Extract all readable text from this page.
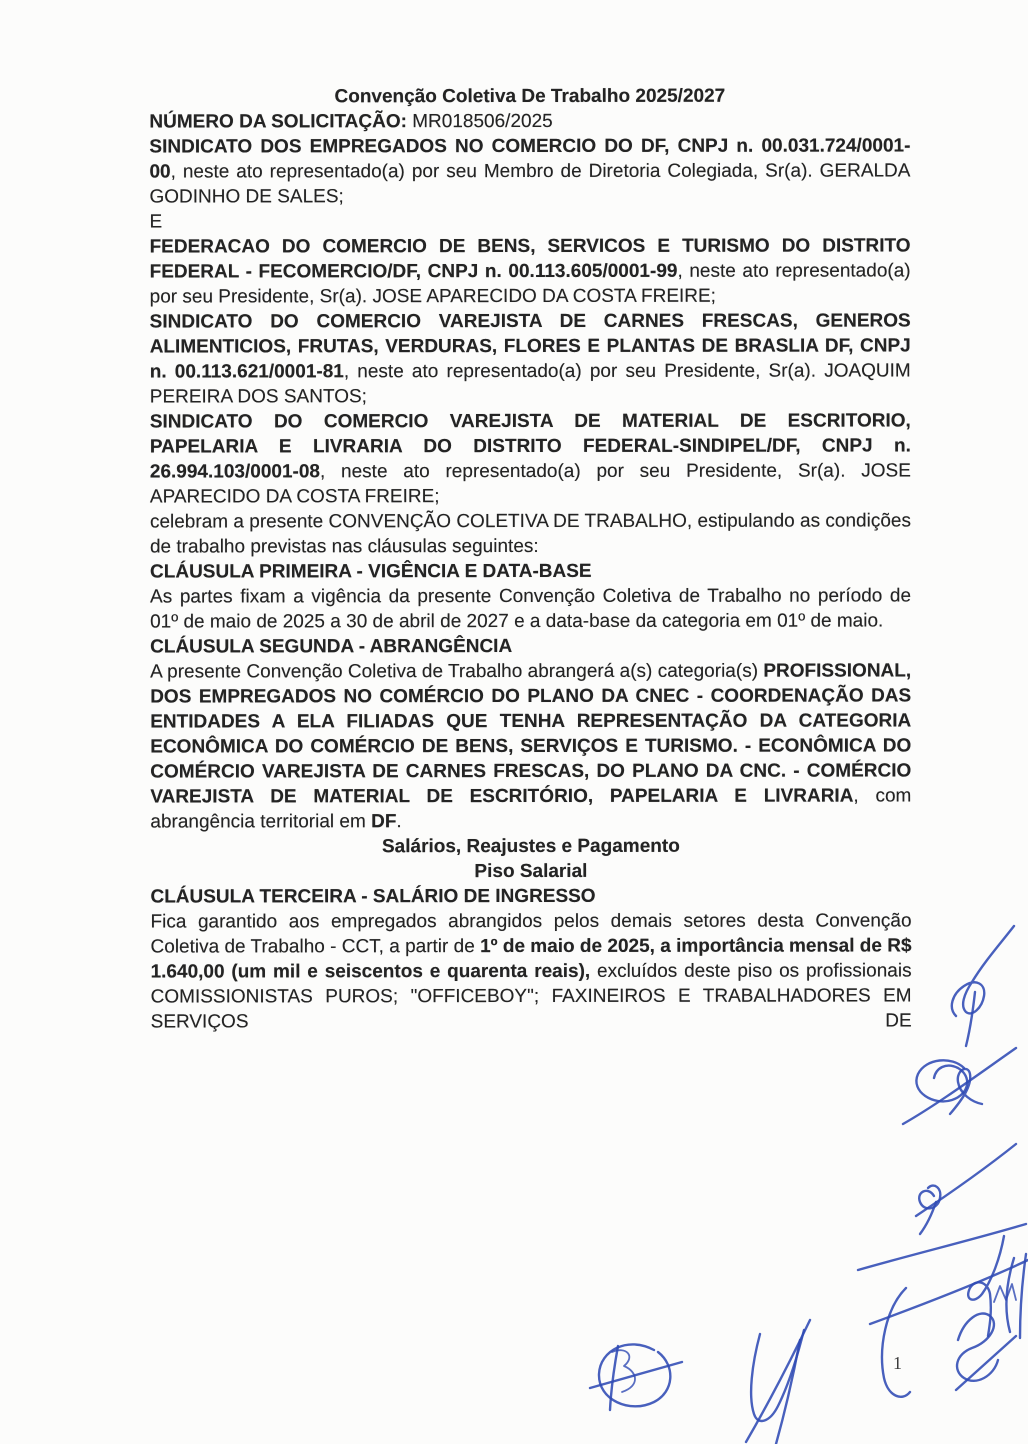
Convenção Coletiva De Trabalho 2025/2027

NÚMERO DA SOLICITAÇÃO: MR018506/2025

SINDICATO DOS EMPREGADOS NO COMERCIO DO DF, CNPJ n. 00.031.724/0001-00, neste ato representado(a) por seu Membro de Diretoria Colegiada, Sr(a). GERALDA GODINHO DE SALES;

E

FEDERACAO DO COMERCIO DE BENS, SERVICOS E TURISMO DO DISTRITO FEDERAL - FECOMERCIO/DF, CNPJ n. 00.113.605/0001-99, neste ato representado(a) por seu Presidente, Sr(a). JOSE APARECIDO DA COSTA FREIRE;

SINDICATO DO COMERCIO VAREJISTA DE CARNES FRESCAS, GENEROS ALIMENTICIOS, FRUTAS, VERDURAS, FLORES E PLANTAS DE BRASLIA DF, CNPJ n. 00.113.621/0001-81, neste ato representado(a) por seu Presidente, Sr(a). JOAQUIM PEREIRA DOS SANTOS;

SINDICATO DO COMERCIO VAREJISTA DE MATERIAL DE ESCRITORIO, PAPELARIA E LIVRARIA DO DISTRITO FEDERAL-SINDIPEL/DF, CNPJ n. 26.994.103/0001-08, neste ato representado(a) por seu Presidente, Sr(a). JOSE APARECIDO DA COSTA FREIRE;

celebram a presente CONVENÇÃO COLETIVA DE TRABALHO, estipulando as condições de trabalho previstas nas cláusulas seguintes:

CLÁUSULA PRIMEIRA - VIGÊNCIA E DATA-BASE

As partes fixam a vigência da presente Convenção Coletiva de Trabalho no período de 01º de maio de 2025 a 30 de abril de 2027 e a data-base da categoria em 01º de maio.

CLÁUSULA SEGUNDA - ABRANGÊNCIA

A presente Convenção Coletiva de Trabalho abrangerá a(s) categoria(s) PROFISSIONAL, DOS EMPREGADOS NO COMÉRCIO DO PLANO DA CNEC - COORDENAÇÃO DAS ENTIDADES A ELA FILIADAS QUE TENHA REPRESENTAÇÃO DA CATEGORIA ECONÔMICA DO COMÉRCIO DE BENS, SERVIÇOS E TURISMO. - ECONÔMICA DO COMÉRCIO VAREJISTA DE CARNES FRESCAS, DO PLANO DA CNC. - COMÉRCIO VAREJISTA DE MATERIAL DE ESCRITÓRIO, PAPELARIA E LIVRARIA, com abrangência territorial em DF.

Salários, Reajustes e Pagamento
Piso Salarial
CLÁUSULA TERCEIRA - SALÁRIO DE INGRESSO

Fica garantido aos empregados abrangidos pelos demais setores desta Convenção Coletiva de Trabalho - CCT, a partir de 1º de maio de 2025, a importância mensal de R$ 1.640,00 (um mil e seiscentos e quarenta reais), excluídos deste piso os profissionais COMISSIONISTAS PUROS; "OFFICEBOY"; FAXINEIROS E TRABALHADORES EM SERVIÇOS DE

1
